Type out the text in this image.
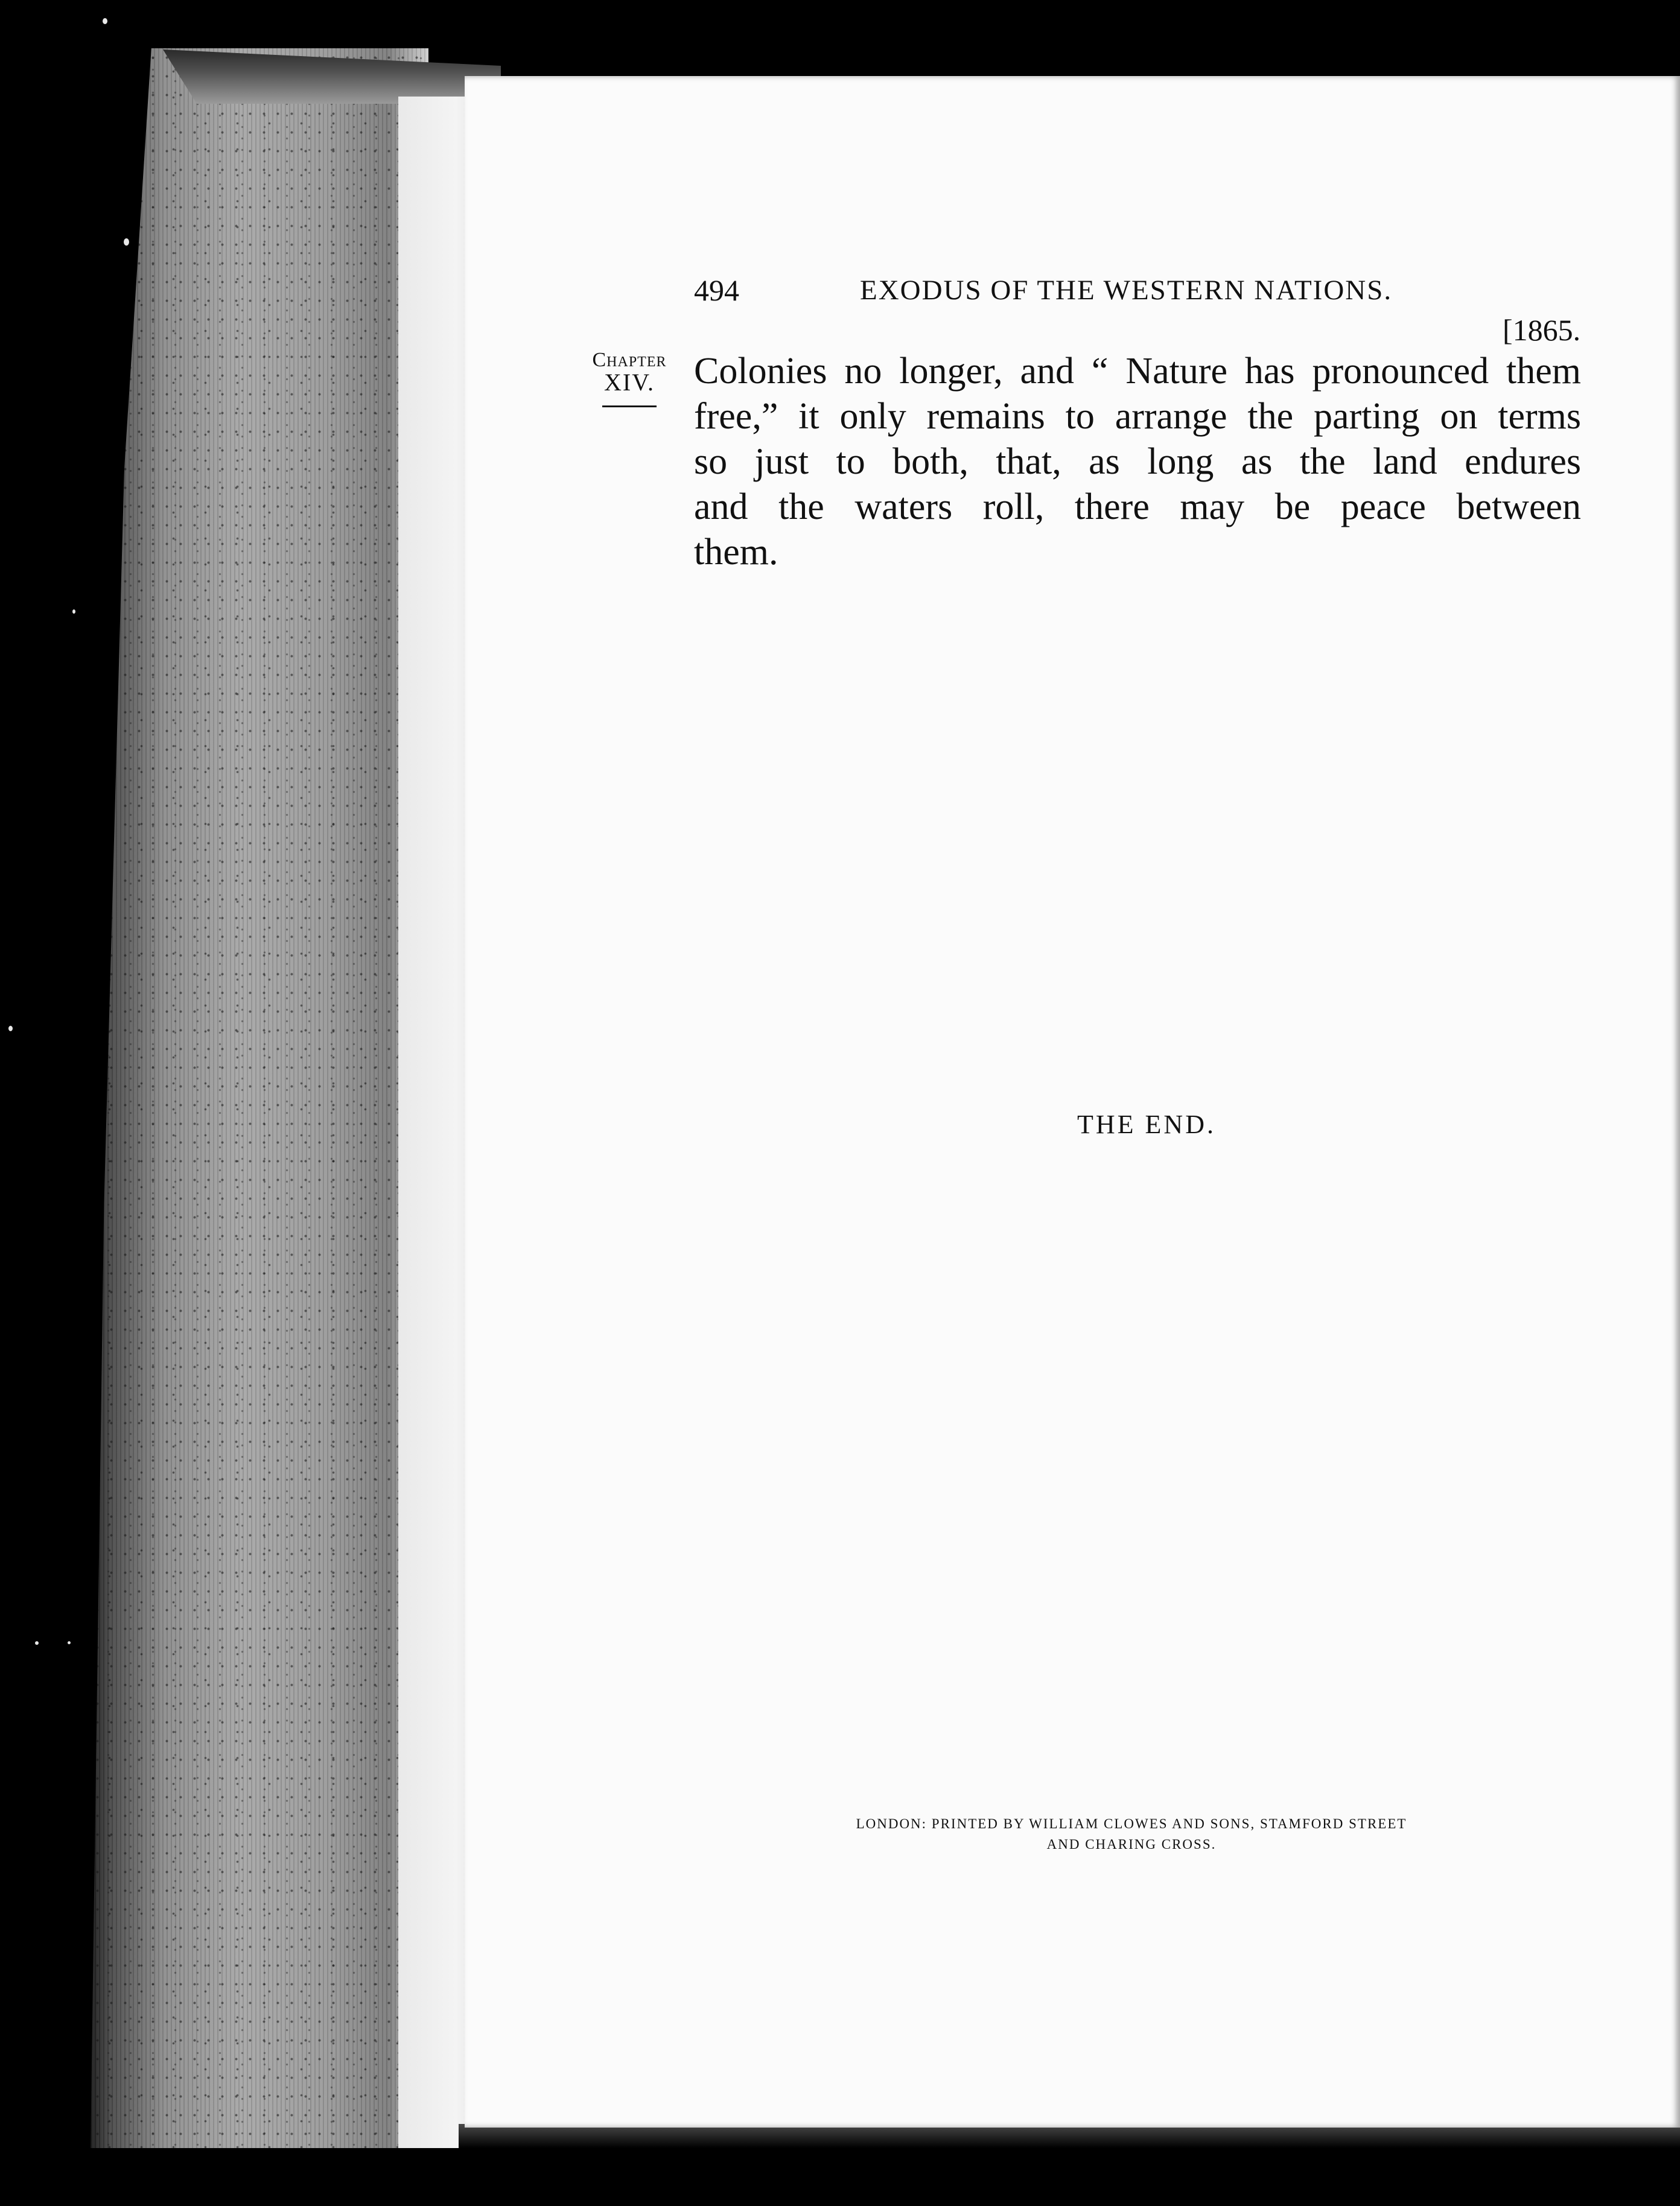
494	EXODUS OF THE WESTERN NATIONS.
[1865.
Chapter
XIV.	Colonies no longer, and “ Nature has pronounced them
free,” it only remains to arrange the parting on terms
so just to both, that, as long as the land endures
and the waters roll, there may be peace between
them.
THE END.
LONDON: PRINTED BY WILLIAM CLOWES AND SONS, STAMFORD STREET
AND CHARING CROSS.
